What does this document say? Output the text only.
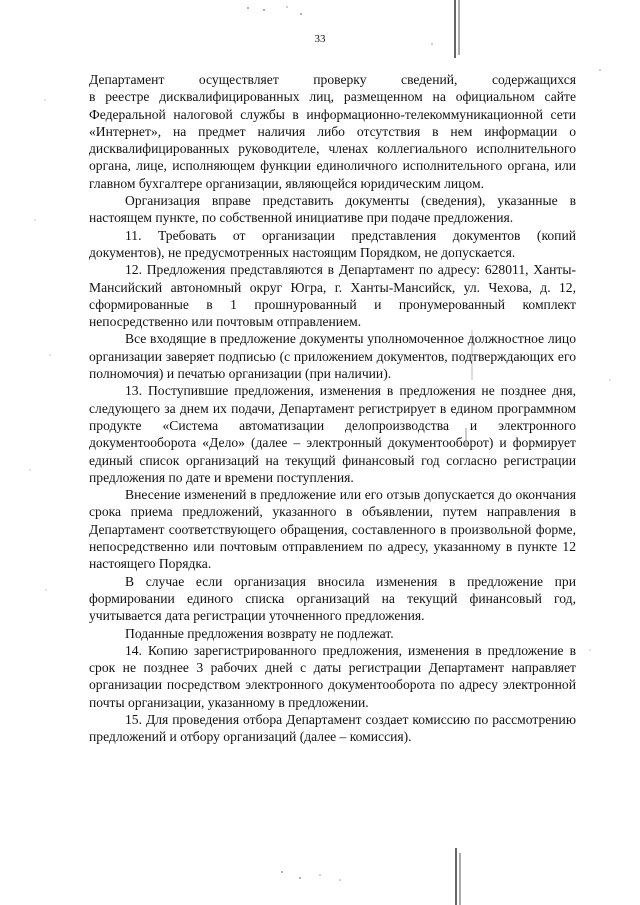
33

Департамент осуществляет проверку сведений, содержащихся

в реестре дисквалифицированных лиц, размещенном на официальном сайте Федеральной налоговой службы в информационно-телекоммуникационной сети «Интернет», на предмет наличия либо отсутствия в нем информации о дисквалифицированных руководителе, членах коллегиального исполнительного органа, лице, исполняющем функции единоличного исполнительного органа, или главном бухгалтере организации, являющейся юридическим лицом.

Организация вправе представить документы (сведения), указанные в настоящем пункте, по собственной инициативе при подаче предложения.

11. Требовать от организации представления документов (копий документов), не предусмотренных настоящим Порядком, не допускается.

12. Предложения представляются в Департамент по адресу: 628011, Ханты-Мансийский автономный округ Югра, г. Ханты-Мансийск, ул. Чехова, д. 12, сформированные в 1 прошнурованный и пронумерованный комплект непосредственно или почтовым отправлением.

Все входящие в предложение документы уполномоченное должностное лицо организации заверяет подписью (с приложением документов, подтверждающих его полномочия) и печатью организации (при наличии).

13. Поступившие предложения, изменения в предложения не позднее дня, следующего за днем их подачи, Департамент регистрирует в едином программном продукте «Система автоматизации делопроизводства и электронного документооборота «Дело» (далее – электронный документооборот) и формирует единый список организаций на текущий финансовый год согласно регистрации предложения по дате и времени поступления.

Внесение изменений в предложение или его отзыв допускается до окончания срока приема предложений, указанного в объявлении, путем направления в Департамент соответствующего обращения, составленного в произвольной форме, непосредственно или почтовым отправлением по адресу, указанному в пункте 12 настоящего Порядка.

В случае если организация вносила изменения в предложение при формировании единого списка организаций на текущий финансовый год, учитывается дата регистрации уточненного предложения.

Поданные предложения возврату не подлежат.

14. Копию зарегистрированного предложения, изменения в предложение в срок не позднее 3 рабочих дней с даты регистрации Департамент направляет организации посредством электронного документооборота по адресу электронной почты организации, указанному в предложении.

15. Для проведения отбора Департамент создает комиссию по рассмотрению предложений и отбору организаций (далее – комиссия).
